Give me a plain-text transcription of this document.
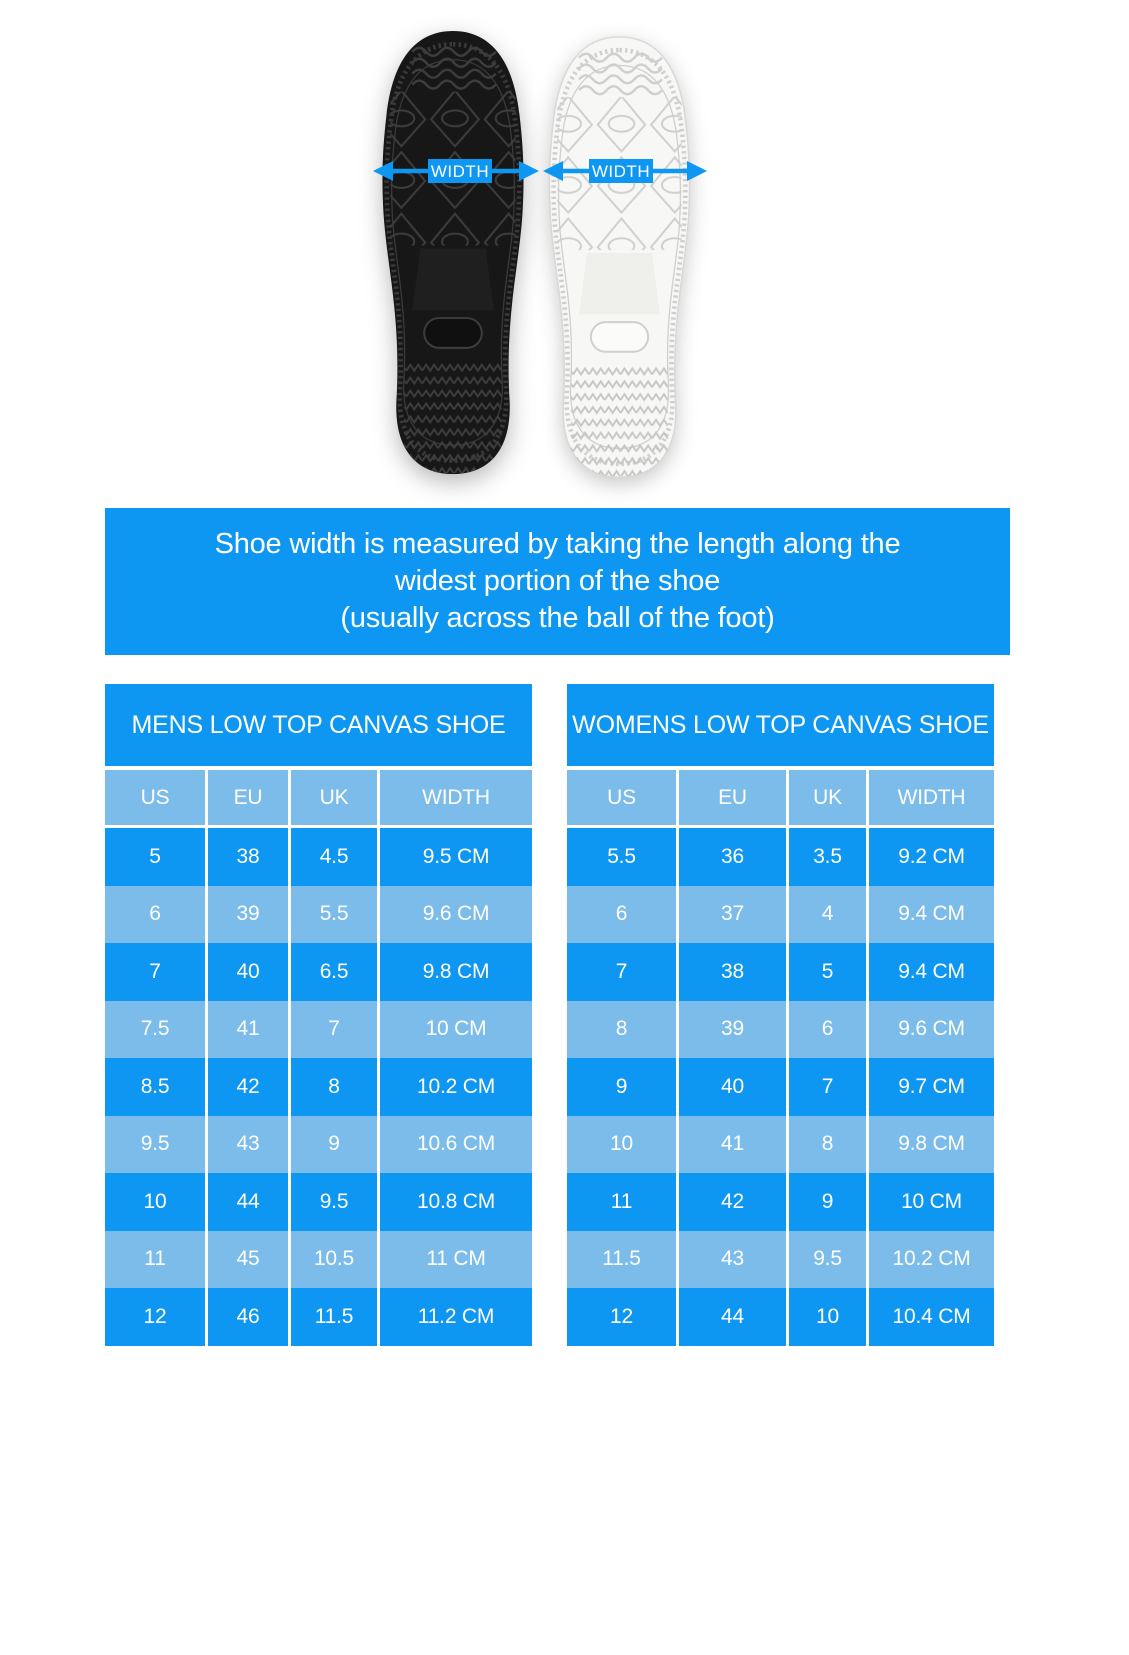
WIDTH	WIDTH
Shoe width is measured by taking the length along the
widest portion of the shoe
(usually across the ball of the foot)
MENS LOW TOP CANVAS SHOE
US	EU	UK	WIDTH
5	38	4.5	9.5 CM
6	39	5.5	9.6 CM
7	40	6.5	9.8 CM
7.5	41	7	10 CM
8.5	42	8	10.2 CM
9.5	43	9	10.6 CM
10	44	9.5	10.8 CM
11	45	10.5	11 CM
12	46	11.5	11.2 CM
WOMENS LOW TOP CANVAS SHOE
US	EU	UK	WIDTH
5.5	36	3.5	9.2 CM
6	37	4	9.4 CM
7	38	5	9.4 CM
8	39	6	9.6 CM
9	40	7	9.7 CM
10	41	8	9.8 CM
11	42	9	10 CM
11.5	43	9.5	10.2 CM
12	44	10	10.4 CM
